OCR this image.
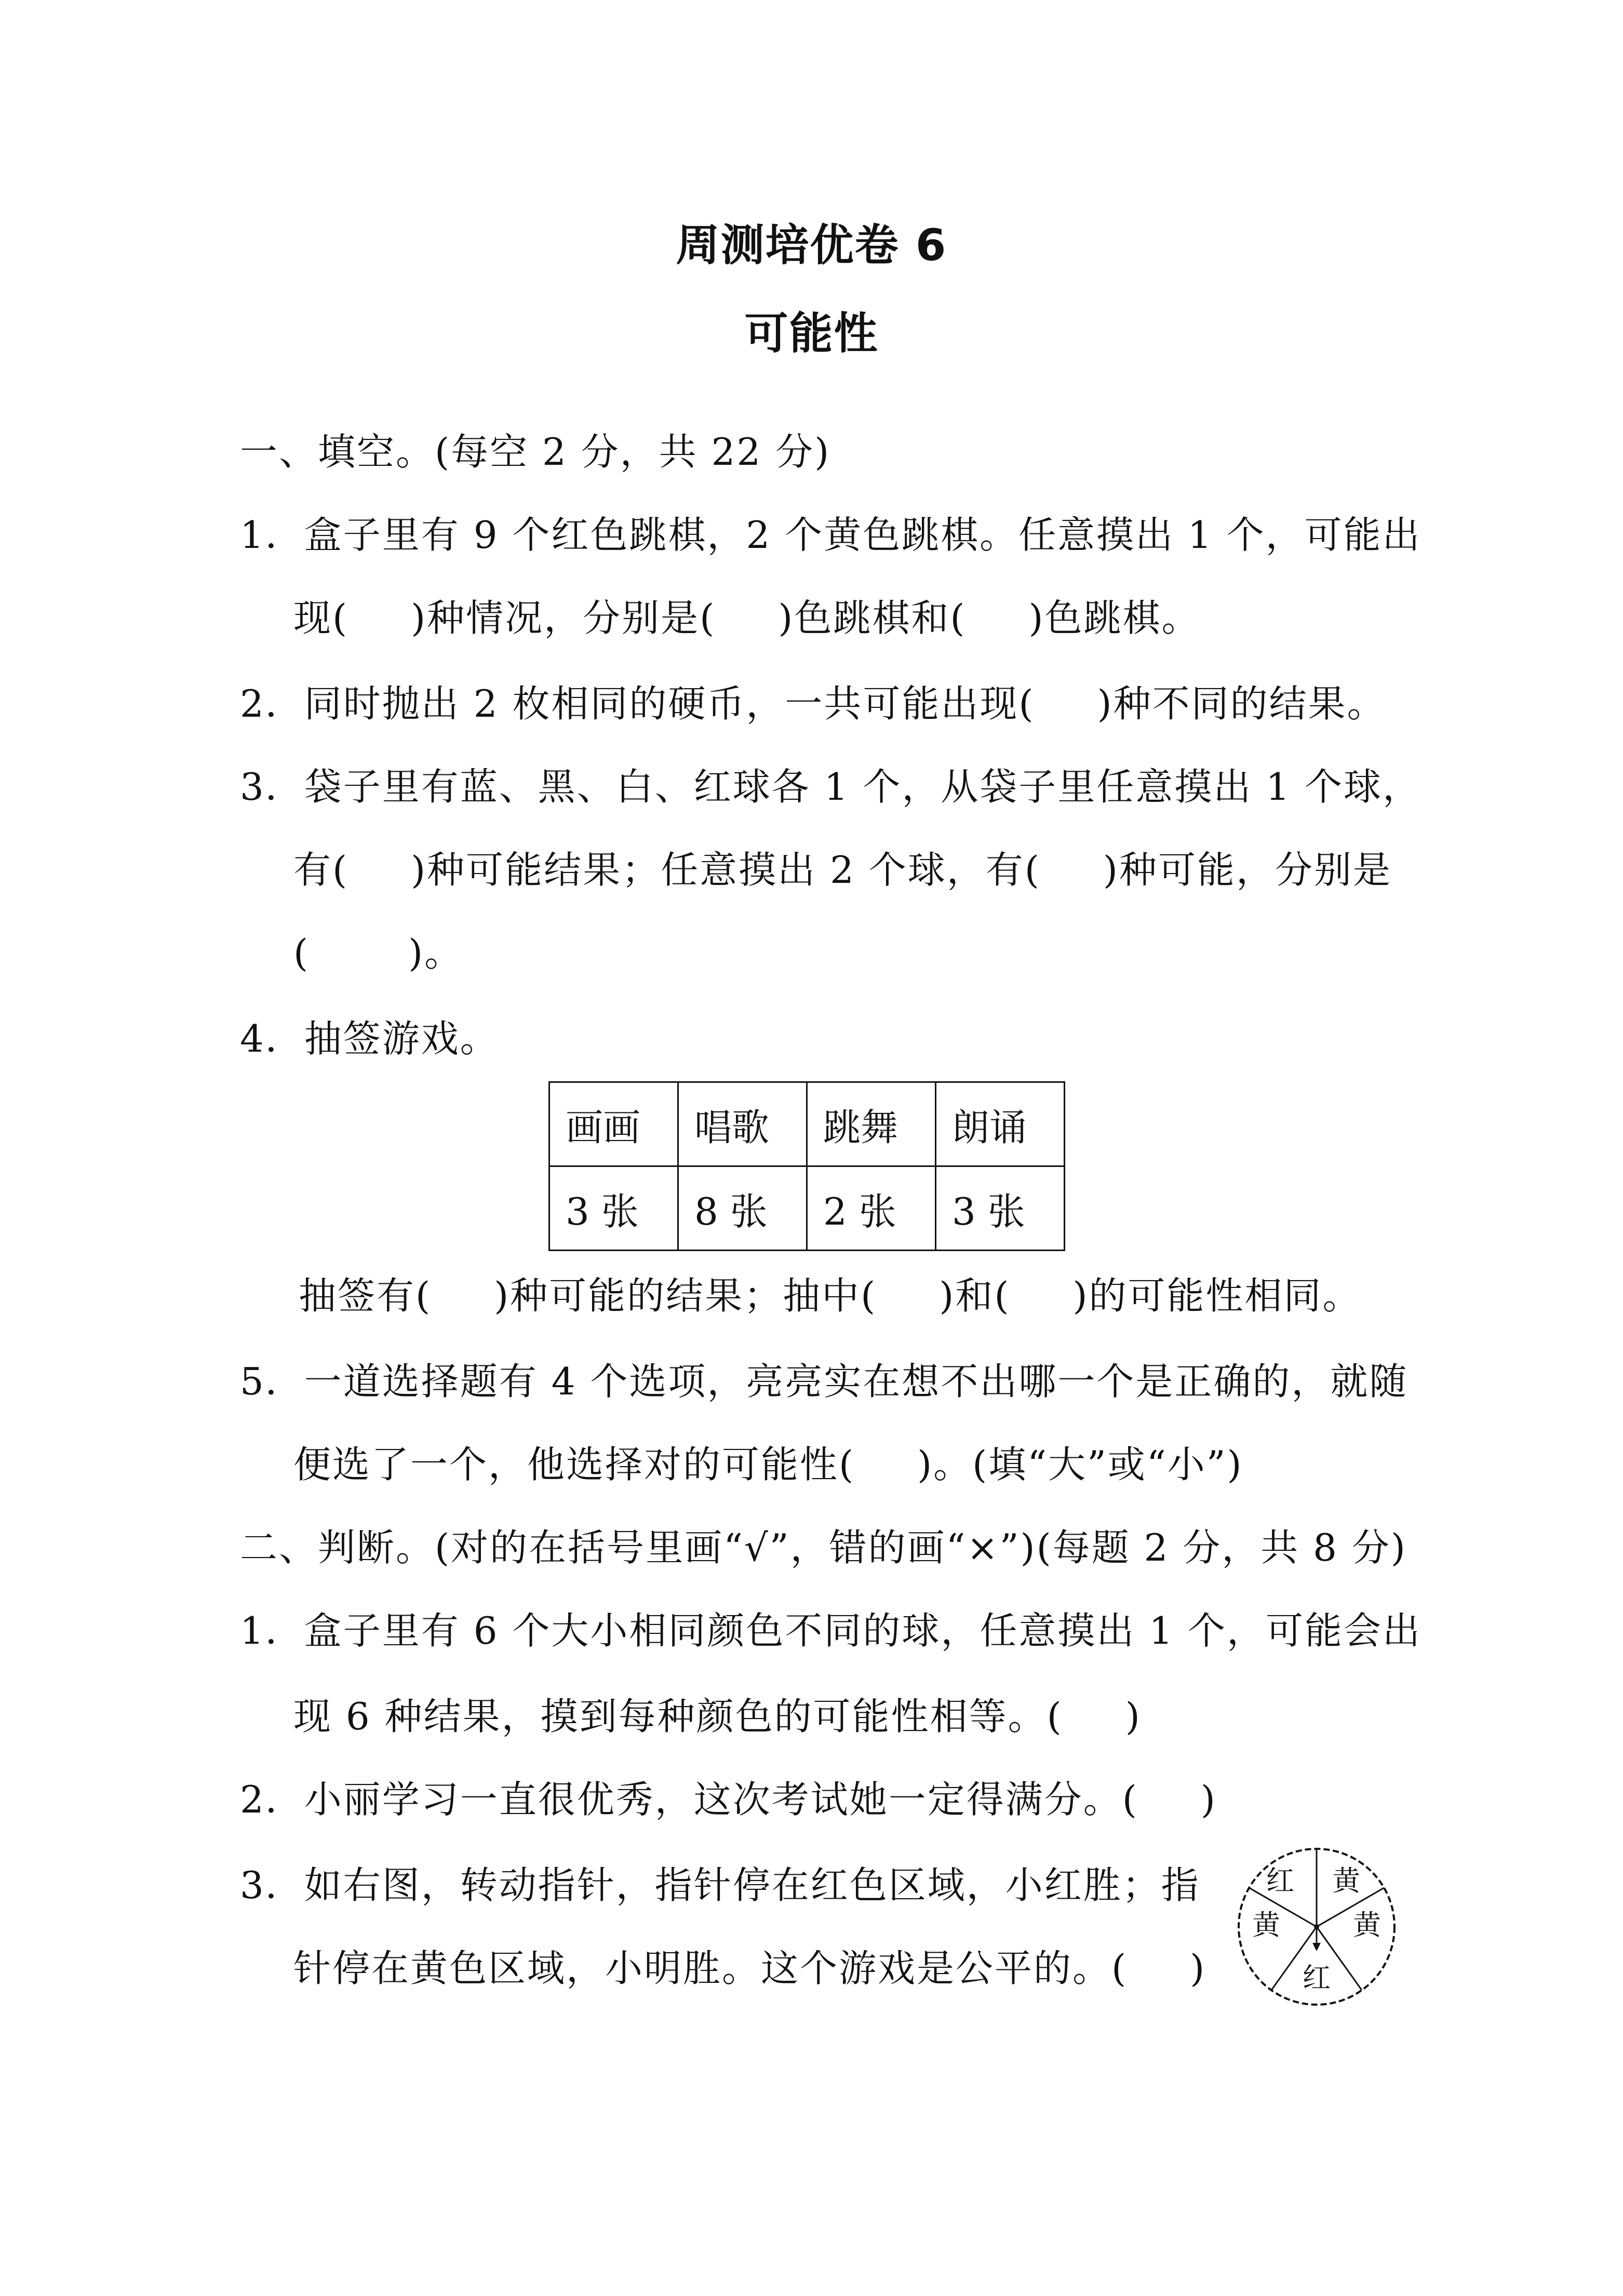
周测培优卷 6
可能性
一、填空。(每空 2 分，共 22 分)
1．盒子里有 9 个红色跳棋，2 个黄色跳棋。任意摸出 1 个，可能出
现( )种情况，分别是( )色跳棋和( )色跳棋。
2．同时抛出 2 枚相同的硬币，一共可能出现( )种不同的结果。
3．袋子里有蓝、黑、白、红球各 1 个，从袋子里任意摸出 1 个球，
有( )种可能结果；任意摸出 2 个球，有( )种可能，分别是
(	)。
4．抽签游戏。
画画	唱歌	跳舞	朗诵
3 张	8 张	2 张	3 张
抽签有( )种可能的结果；抽中( )和( )的可能性相同。
5．一道选择题有 4 个选项，亮亮实在想不出哪一个是正确的，就随
便选了一个，他选择对的可能性( )。(填“大”或“小”)
二、判断。(对的在括号里画“√”，错的画“×”)(每题 2 分，共 8 分)
1．盒子里有 6 个大小相同颜色不同的球，任意摸出 1 个，可能会出
现 6 种结果，摸到每种颜色的可能性相等。( )
2．小丽学习一直很优秀，这次考试她一定得满分。( )
3．如右图，转动指针，指针停在红色区域，小红胜；指
针停在黄色区域，小明胜。这个游戏是公平的。( )
红 黄
黄	黄
红
